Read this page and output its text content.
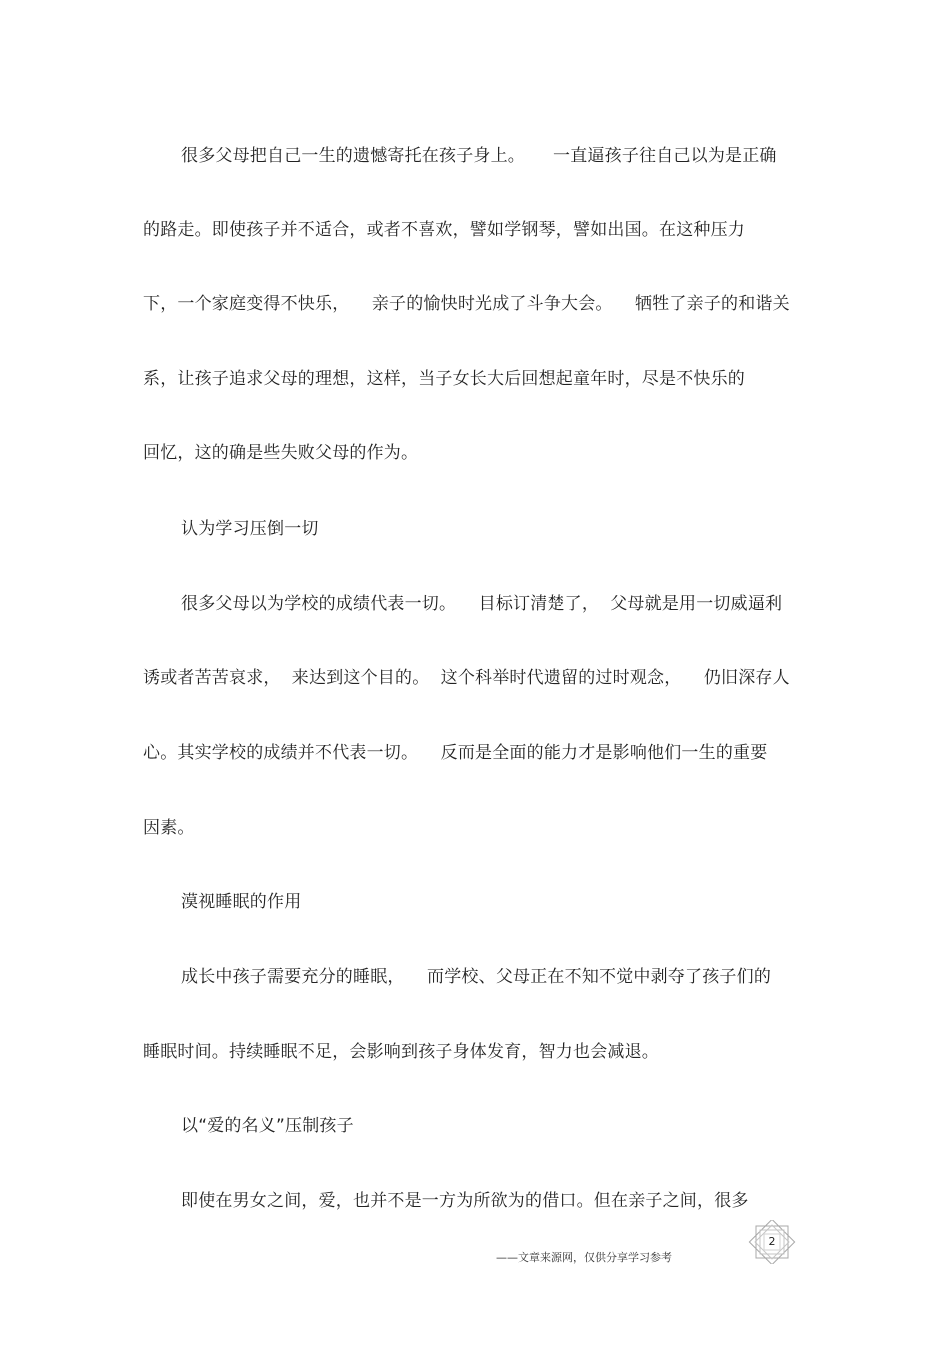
很多父母把自己一生的遗憾寄托在孩子身上。     一直逼孩子往自己以为是正确
的路走。即使孩子并不适合，或者不喜欢，譬如学钢琴，譬如出国。在这种压力
下，一个家庭变得不快乐，    亲子的愉快时光成了斗争大会。    牺牲了亲子的和谐关
系，让孩子追求父母的理想，这样，当子女长大后回想起童年时，尽是不快乐的
回忆，这的确是些失败父母的作为。
认为学习压倒一切
很多父母以为学校的成绩代表一切。    目标订清楚了，  父母就是用一切威逼利
诱或者苦苦哀求，  来达到这个目的。  这个科举时代遗留的过时观念，    仍旧深存人
心。其实学校的成绩并不代表一切。    反而是全面的能力才是影响他们一生的重要
因素。
漠视睡眠的作用
成长中孩子需要充分的睡眠，    而学校、父母正在不知不觉中剥夺了孩子们的
睡眠时间。持续睡眠不足，会影响到孩子身体发育，智力也会减退。
以“爱的名义”压制孩子
即使在男女之间，爱，也并不是一方为所欲为的借口。但在亲子之间，很多
2
——文章来源网，仅供分享学习参考
